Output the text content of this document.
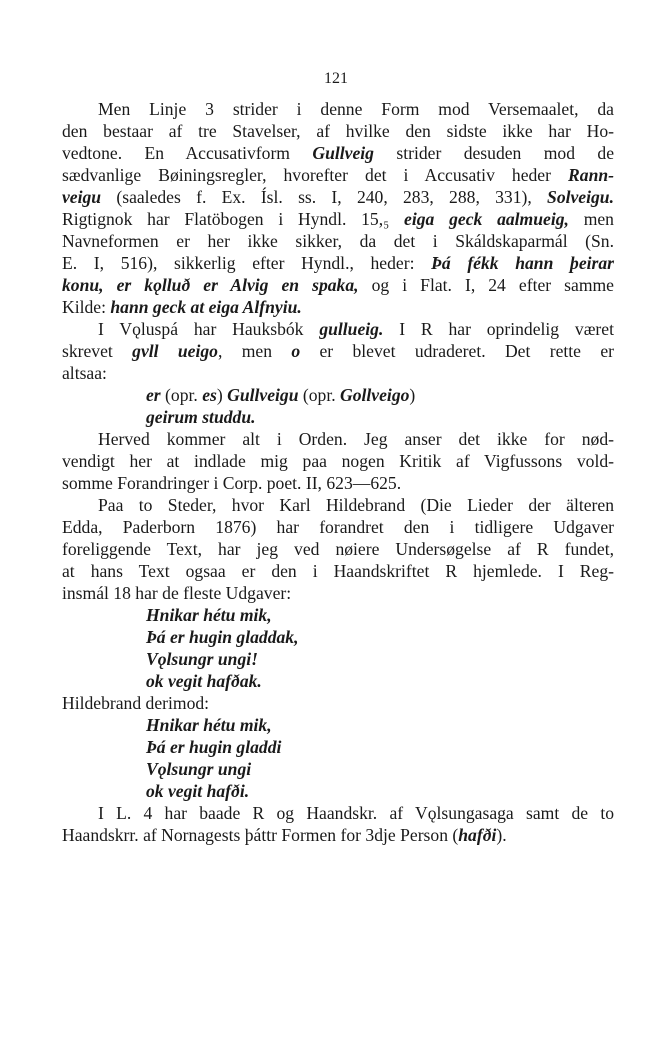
121
Men Linje 3 strider i denne Form mod Versemaalet, da
den bestaar af tre Stavelser, af hvilke den sidste ikke har Ho-
vedtone. En Accusativform Gullveig strider desuden mod de
sædvanlige Bøiningsregler, hvorefter det i Accusativ heder Rann-
veigu (saaledes f. Ex. Ísl. ss. I, 240, 283, 288, 331), Solveigu.
Rigtignok har Flatöbogen i Hyndl. 15,₅ eiga geck aalmueig, men
Navneformen er her ikke sikker, da det i Skáldskaparmál (Sn.
E. I, 516), sikkerlig efter Hyndl., heder: Þá fékk hann þeirar
konu, er kǫlluð er Alvig en spaka, og i Flat. I, 24 efter samme
Kilde: hann geck at eiga Alfnyiu.
I Vǫluspá har Hauksbók gullueig. I R har oprindelig været
skrevet gvll ueigo, men o er blevet udraderet. Det rette er
altsaa:
er (opr. es) Gullveigu (opr. Gollveigo)
geirum studdu.
Herved kommer alt i Orden. Jeg anser det ikke for nød-
vendigt her at indlade mig paa nogen Kritik af Vigfussons vold-
somme Forandringer i Corp. poet. II, 623—625.
Paa to Steder, hvor Karl Hildebrand (Die Lieder der älteren
Edda, Paderborn 1876) har forandret den i tidligere Udgaver
foreliggende Text, har jeg ved nøiere Undersøgelse af R fundet,
at hans Text ogsaa er den i Haandskriftet R hjemlede. I Reg-
insmál 18 har de fleste Udgaver:
Hnikar hétu mik,
Þá er hugin gladdak,
Vǫlsungr ungi!
ok vegit hafðak.
Hildebrand derimod:
Hnikar hétu mik,
Þá er hugin gladdi
Vǫlsungr ungi
ok vegit hafði.
I L. 4 har baade R og Haandskr. af Vǫlsungasaga samt de to
Haandskrr. af Nornagests þáttr Formen for 3dje Person (hafði).
